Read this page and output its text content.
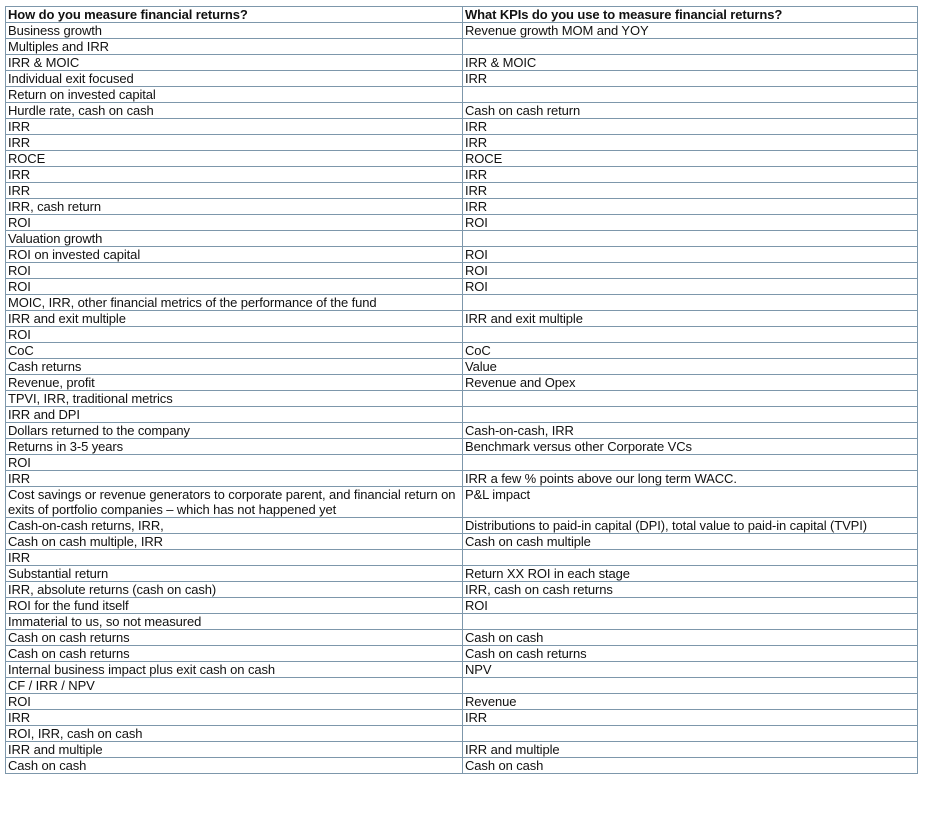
How do you measure financial returns?	What KPIs do you use to measure financial returns?
Business growth	Revenue growth MOM and YOY
Multiples and IRR	
IRR & MOIC	IRR & MOIC
Individual exit focused	IRR
Return on invested capital	
Hurdle rate, cash on cash	Cash on cash return
IRR	IRR
IRR	IRR
ROCE	ROCE
IRR	IRR
IRR	IRR
IRR, cash return	IRR
ROI	ROI
Valuation growth	
ROI on invested capital	ROI
ROI	ROI
ROI	ROI
MOIC, IRR, other financial metrics of the performance of the fund	
IRR and exit multiple	IRR and exit multiple
ROI	
CoC	CoC
Cash returns	Value
Revenue, profit	Revenue and Opex
TPVI, IRR, traditional metrics	
IRR and DPI	
Dollars returned to the company	Cash-on-cash, IRR
Returns in 3-5 years	Benchmark versus other Corporate VCs
ROI	
IRR	IRR a few % points above our long term WACC.
Cost savings or revenue generators to corporate parent, and financial return on exits of portfolio companies – which has not happened yet	P&L impact
Cash-on-cash returns, IRR,	Distributions to paid-in capital (DPI), total value to paid-in capital (TVPI)
Cash on cash multiple, IRR	Cash on cash multiple
IRR	
Substantial return	Return XX ROI in each stage
IRR, absolute returns (cash on cash)	IRR, cash on cash returns
ROI for the fund itself	ROI
Immaterial to us, so not measured	
Cash on cash returns	Cash on cash
Cash on cash returns	Cash on cash returns
Internal business impact plus exit cash on cash	NPV
CF / IRR / NPV	
ROI	Revenue
IRR	IRR
ROI, IRR, cash on cash	
IRR and multiple	IRR and multiple
Cash on cash	Cash on cash
